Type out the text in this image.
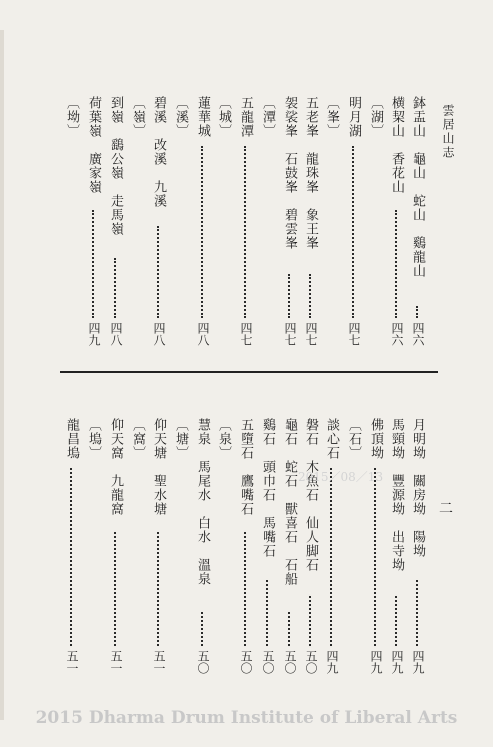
雲居山志
二
鉢盂山　龜山　蛇山　鷄龍山
四六
横栔山　香花山
四六
〔湖〕
明月湖
四七
〔峯〕
五老峯　龍珠峯　象王峯
四七
袈裟峯　石鼓峯　碧雲峯
四七
〔潭〕
五龍潭
四七
〔城〕
蓮華城
四八
〔溪〕
碧溪　改溪　九溪
四八
〔嶺〕
到嶺　鷂公嶺　走馬嶺
四八
荷葉嶺　廣家嶺
四九
〔坳〕
月明坳　關房坳　陽坳
四九
馬頸坳　豐源坳　出寺坳
四九
佛頂坳
四九
〔石〕
談心石
四九
磐石　木魚石　仙人脚石
五〇
龜石　蛇石　獸喜石　石船
五〇
鷄石　頭巾石　馬嘴石
五〇
五墮石　鷹嘴石
五〇
〔泉〕
慧泉　馬尾水　白水　溫泉
五〇
〔塘〕
仰天塘　聖水塘
五一
〔窩〕
仰天窩　九龍窩
五一
〔塢〕
龍昌塢
五一
2015／08／13
2015 Dharma Drum Institute of Liberal Arts
